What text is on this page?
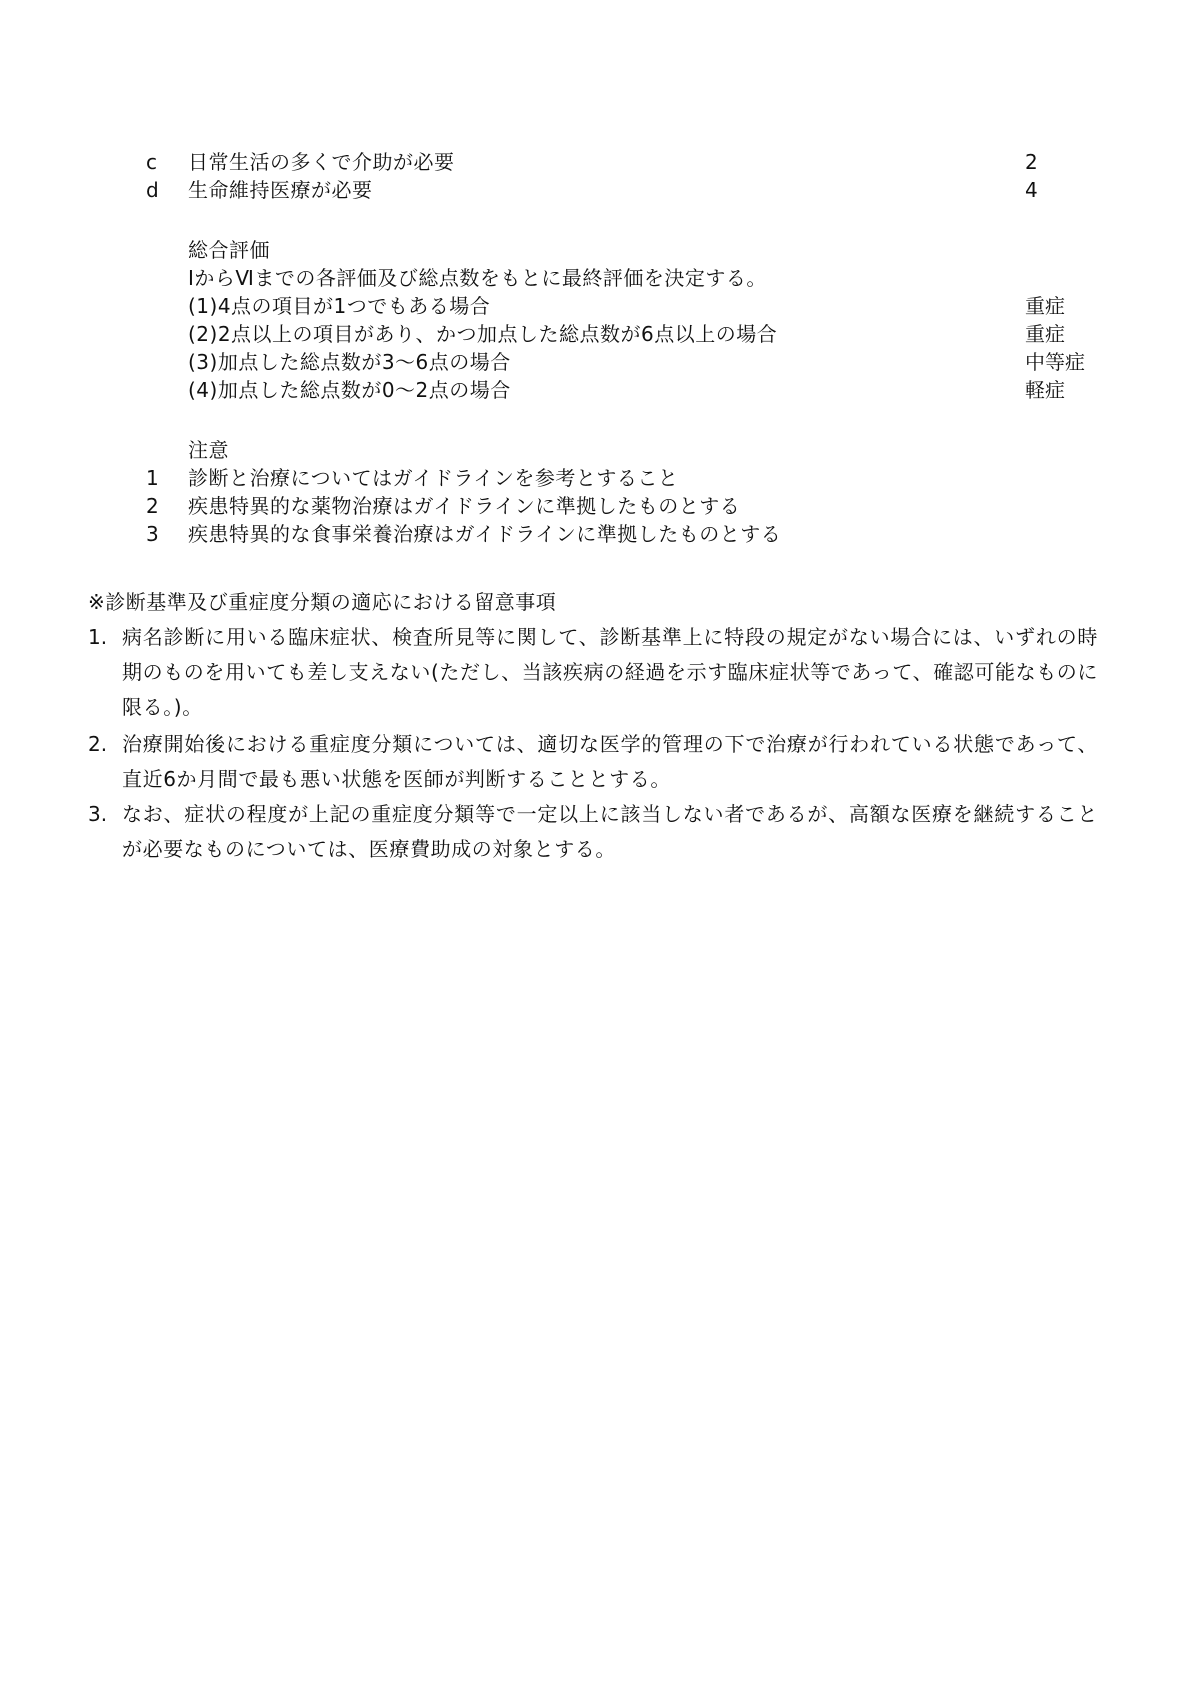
c 日常生活の多くで介助が必要	2
d 生命維持医療が必要	4
総合評価
ⅠからⅥまでの各評価及び総点数をもとに最終評価を決定する。
(1)4点の項目が1つでもある場合	重症
(2)2点以上の項目があり、かつ加点した総点数が6点以上の場合	重症
(3)加点した総点数が3～6点の場合	中等症
(4)加点した総点数が0～2点の場合	軽症
注意
1 診断と治療についてはガイドラインを参考とすること
2 疾患特異的な薬物治療はガイドラインに準拠したものとする
3 疾患特異的な食事栄養治療はガイドラインに準拠したものとする
※診断基準及び重症度分類の適応における留意事項
1. 病名診断に用いる臨床症状、検査所見等に関して、診断基準上に特段の規定がない場合には、いずれの時期のものを用いても差し支えない(ただし、当該疾病の経過を示す臨床症状等であって、確認可能なものに限る。)。
2. 治療開始後における重症度分類については、適切な医学的管理の下で治療が行われている状態であって、直近6か月間で最も悪い状態を医師が判断することとする。
3. なお、症状の程度が上記の重症度分類等で一定以上に該当しない者であるが、高額な医療を継続することが必要なものについては、医療費助成の対象とする。
